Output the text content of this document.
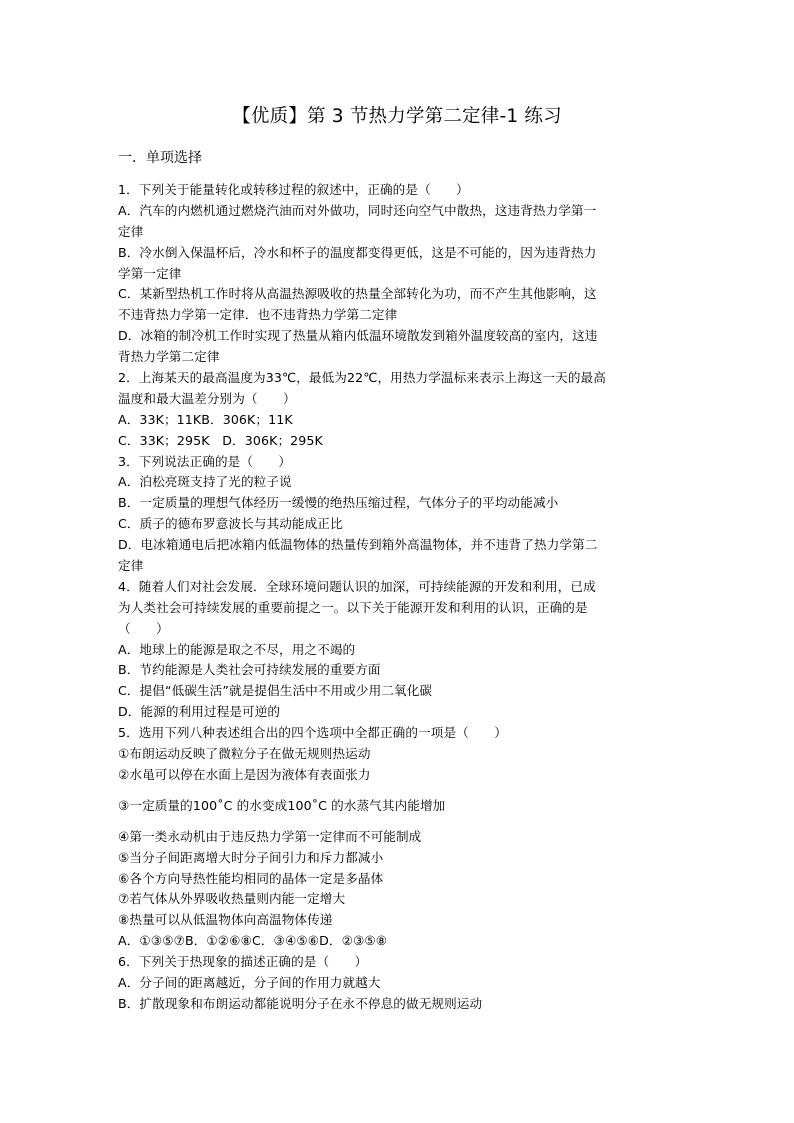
【优质】第 3 节热力学第二定律-1 练习
一．单项选择
1．下列关于能量转化或转移过程的叙述中，正确的是（　　）
A．汽车的内燃机通过燃烧汽油而对外做功，同时还向空气中散热，这违背热力学第一
定律
B．冷水倒入保温杯后，冷水和杯子的温度都变得更低，这是不可能的，因为违背热力
学第一定律
C．某新型热机工作时将从高温热源吸收的热量全部转化为功，而不产生其他影响，这
不违背热力学第一定律．也不违背热力学第二定律
D．冰箱的制冷机工作时实现了热量从箱内低温环境散发到箱外温度较高的室内，这违
背热力学第二定律
2．上海某天的最高温度为33℃，最低为22℃，用热力学温标来表示上海这一天的最高
温度和最大温差分别为（　　）
A．33K；11KB．306K；11K
C．33K；295K　D．306K；295K
3．下列说法正确的是（　　）
A．泊松亮斑支持了光的粒子说
B．一定质量的理想气体经历一缓慢的绝热压缩过程，气体分子的平均动能减小
C．质子的德布罗意波长与其动能成正比
D．电冰箱通电后把冰箱内低温物体的热量传到箱外高温物体，并不违背了热力学第二
定律
4．随着人们对社会发展．全球环境问题认识的加深，可持续能源的开发和利用，已成
为人类社会可持续发展的重要前提之一。以下关于能源开发和利用的认识，正确的是
（　　）
A．地球上的能源是取之不尽，用之不竭的
B．节约能源是人类社会可持续发展的重要方面
C．提倡“低碳生活”就是提倡生活中不用或少用二氧化碳
D．能源的利用过程是可逆的
5．选用下列八种表述组合出的四个选项中全都正确的一项是（　　）
①布朗运动反映了微粒分子在做无规则热运动
②水黾可以停在水面上是因为液体有表面张力
③一定质量的100˚C 的水变成100˚C 的水蒸气其内能增加
④第一类永动机由于违反热力学第一定律而不可能制成
⑤当分子间距离增大时分子间引力和斥力都减小
⑥各个方向导热性能均相同的晶体一定是多晶体
⑦若气体从外界吸收热量则内能一定增大
⑧热量可以从低温物体向高温物体传递
A．①③⑤⑦B．①②⑥⑧C．③④⑤⑥D．②③⑤⑧
6．下列关于热现象的描述正确的是（　　）
A．分子间的距离越近，分子间的作用力就越大
B．扩散现象和布朗运动都能说明分子在永不停息的做无规则运动
